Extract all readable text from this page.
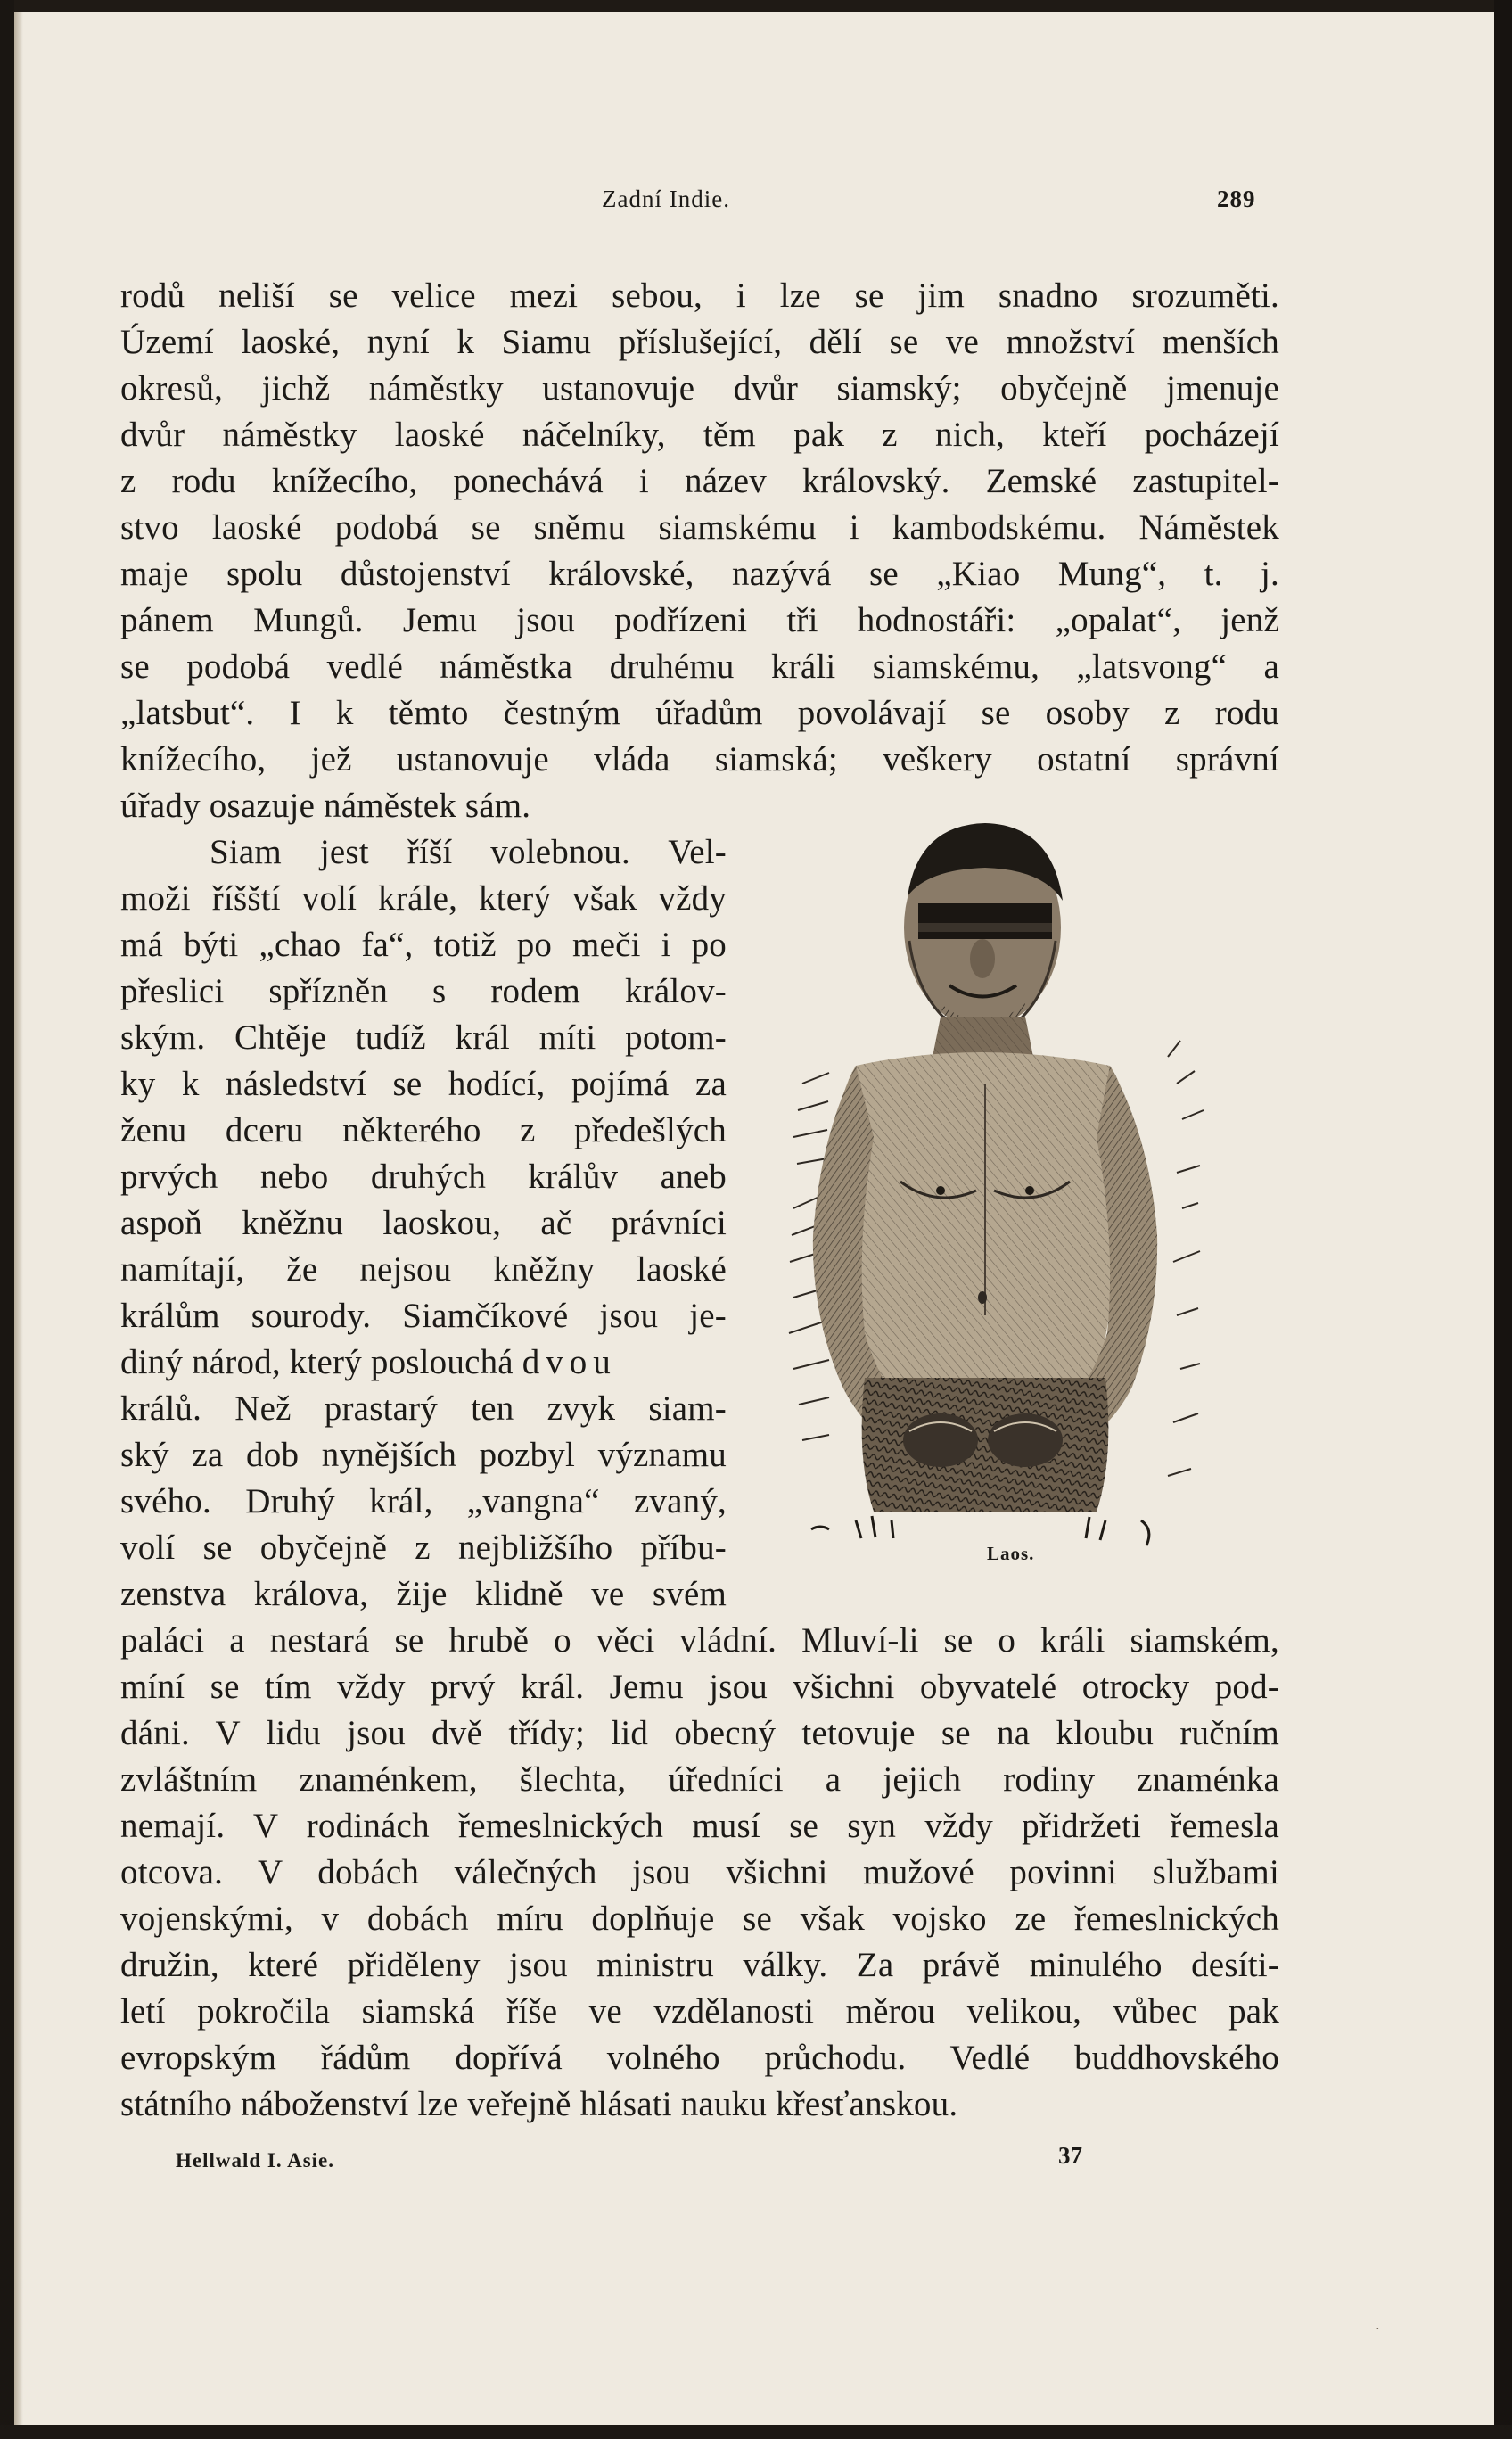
Zadní Indie.	289
rodů neliší se velice mezi sebou, i lze se jim snadno srozuměti.
Území laoské, nyní k Siamu příslušející, dělí se ve množství menších
okresů, jichž náměstky ustanovuje dvůr siamský; obyčejně jmenuje
dvůr náměstky laoské náčelníky, těm pak z nich, kteří pocházejí
z rodu knížecího, ponechává i název královský. Zemské zastupitel-
stvo laoské podobá se sněmu siamskému i kambodskému. Náměstek
maje spolu důstojenství královské, nazývá se „Kiao Mung“, t. j.
pánem Mungů. Jemu jsou podřízeni tři hodnostáři: „opalat“, jenž
se podobá vedlé náměstka druhému králi siamskému, „latsvong“ a
„latsbut“. I k těmto čestným úřadům povolávají se osoby z rodu
knížecího, jež ustanovuje vláda siamská; veškery ostatní správní
úřady osazuje náměstek sám.
Siam jest říší volebnou. Vel-
moži říšští volí krále, který však vždy
má býti „chao fa“, totiž po meči i po
přeslici spřízněn s rodem králov-
ským. Chtěje tudíž král míti potom-
ky k následství se hodící, pojímá za
ženu dceru některého z předešlých
prvých nebo druhých králův aneb
aspoň kněžnu laoskou, ač právníci
namítají, že nejsou kněžny laoské
králům sourody. Siamčíkové jsou je-
diný národ, který poslouchá dvou
králů. Než prastarý ten zvyk siam-
ský za dob nynějších pozbyl významu
svého. Druhý král, „vangna“ zvaný,
volí se obyčejně z nejbližšího příbu-
zenstva králova, žije klidně ve svém
paláci a nestará se hrubě o věci vládní. Mluví-li se o králi siamském,
míní se tím vždy prvý král. Jemu jsou všichni obyvatelé otrocky pod-
dáni. V lidu jsou dvě třídy; lid obecný tetovuje se na kloubu ručním
zvláštním znaménkem, šlechta, úředníci a jejich rodiny znaménka
nemají. V rodinách řemeslnických musí se syn vždy přidržeti řemesla
otcova. V dobách válečných jsou všichni mužové povinni službami
vojenskými, v dobách míru doplňuje se však vojsko ze řemeslnických
družin, které přiděleny jsou ministru války. Za právě minulého desíti-
letí pokročila siamská říše ve vzdělanosti měrou velikou, vůbec pak
evropským řádům dopřívá volného průchodu. Vedlé buddhovského
státního náboženství lze veřejně hlásati nauku křesťanskou.
Laos.
Hellwald I. Asie.	37
·
